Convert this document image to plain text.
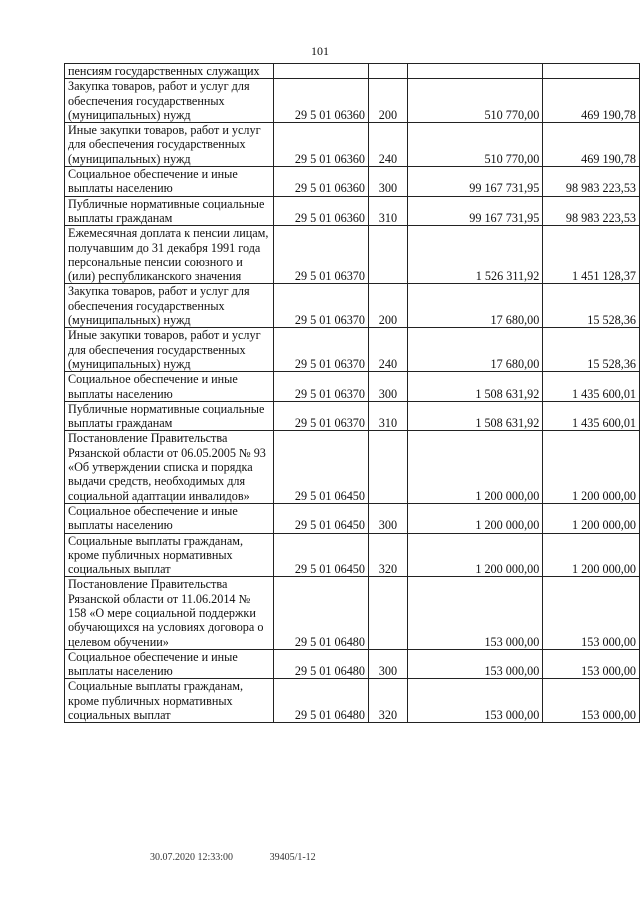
101
пенсиям государственных служащих				
Закупка товаров, работ и услуг для обеспечения государственных (муниципальных) нужд	29 5 01 06360	200	510 770,00	469 190,78
Иные закупки товаров, работ и услуг для обеспечения государственных (муниципальных) нужд	29 5 01 06360	240	510 770,00	469 190,78
Социальное обеспечение и иные выплаты населению	29 5 01 06360	300	99 167 731,95	98 983 223,53
Публичные нормативные социальные выплаты гражданам	29 5 01 06360	310	99 167 731,95	98 983 223,53
Ежемесячная доплата к пенсии лицам, получавшим до 31 декабря 1991 года персональные пенсии союзного и (или) республиканского значения	29 5 01 06370		1 526 311,92	1 451 128,37
Закупка товаров, работ и услуг для обеспечения государственных (муниципальных) нужд	29 5 01 06370	200	17 680,00	15 528,36
Иные закупки товаров, работ и услуг для обеспечения государственных (муниципальных) нужд	29 5 01 06370	240	17 680,00	15 528,36
Социальное обеспечение и иные выплаты населению	29 5 01 06370	300	1 508 631,92	1 435 600,01
Публичные нормативные социальные выплаты гражданам	29 5 01 06370	310	1 508 631,92	1 435 600,01
Постановление Правительства Рязанской области от 06.05.2005 № 93 «Об утверждении списка и порядка выдачи средств, необходимых для социальной адаптации инвалидов»	29 5 01 06450		1 200 000,00	1 200 000,00
Социальное обеспечение и иные выплаты населению	29 5 01 06450	300	1 200 000,00	1 200 000,00
Социальные выплаты гражданам, кроме публичных нормативных социальных выплат	29 5 01 06450	320	1 200 000,00	1 200 000,00
Постановление Правительства Рязанской области от 11.06.2014 № 158 «О мере социальной поддержки обучающихся на условиях договора о целевом обучении»	29 5 01 06480		153 000,00	153 000,00
Социальное обеспечение и иные выплаты населению	29 5 01 06480	300	153 000,00	153 000,00
Социальные выплаты гражданам, кроме публичных нормативных социальных выплат	29 5 01 06480	320	153 000,00	153 000,00
30.07.2020 12:33:00	39405/1-12
